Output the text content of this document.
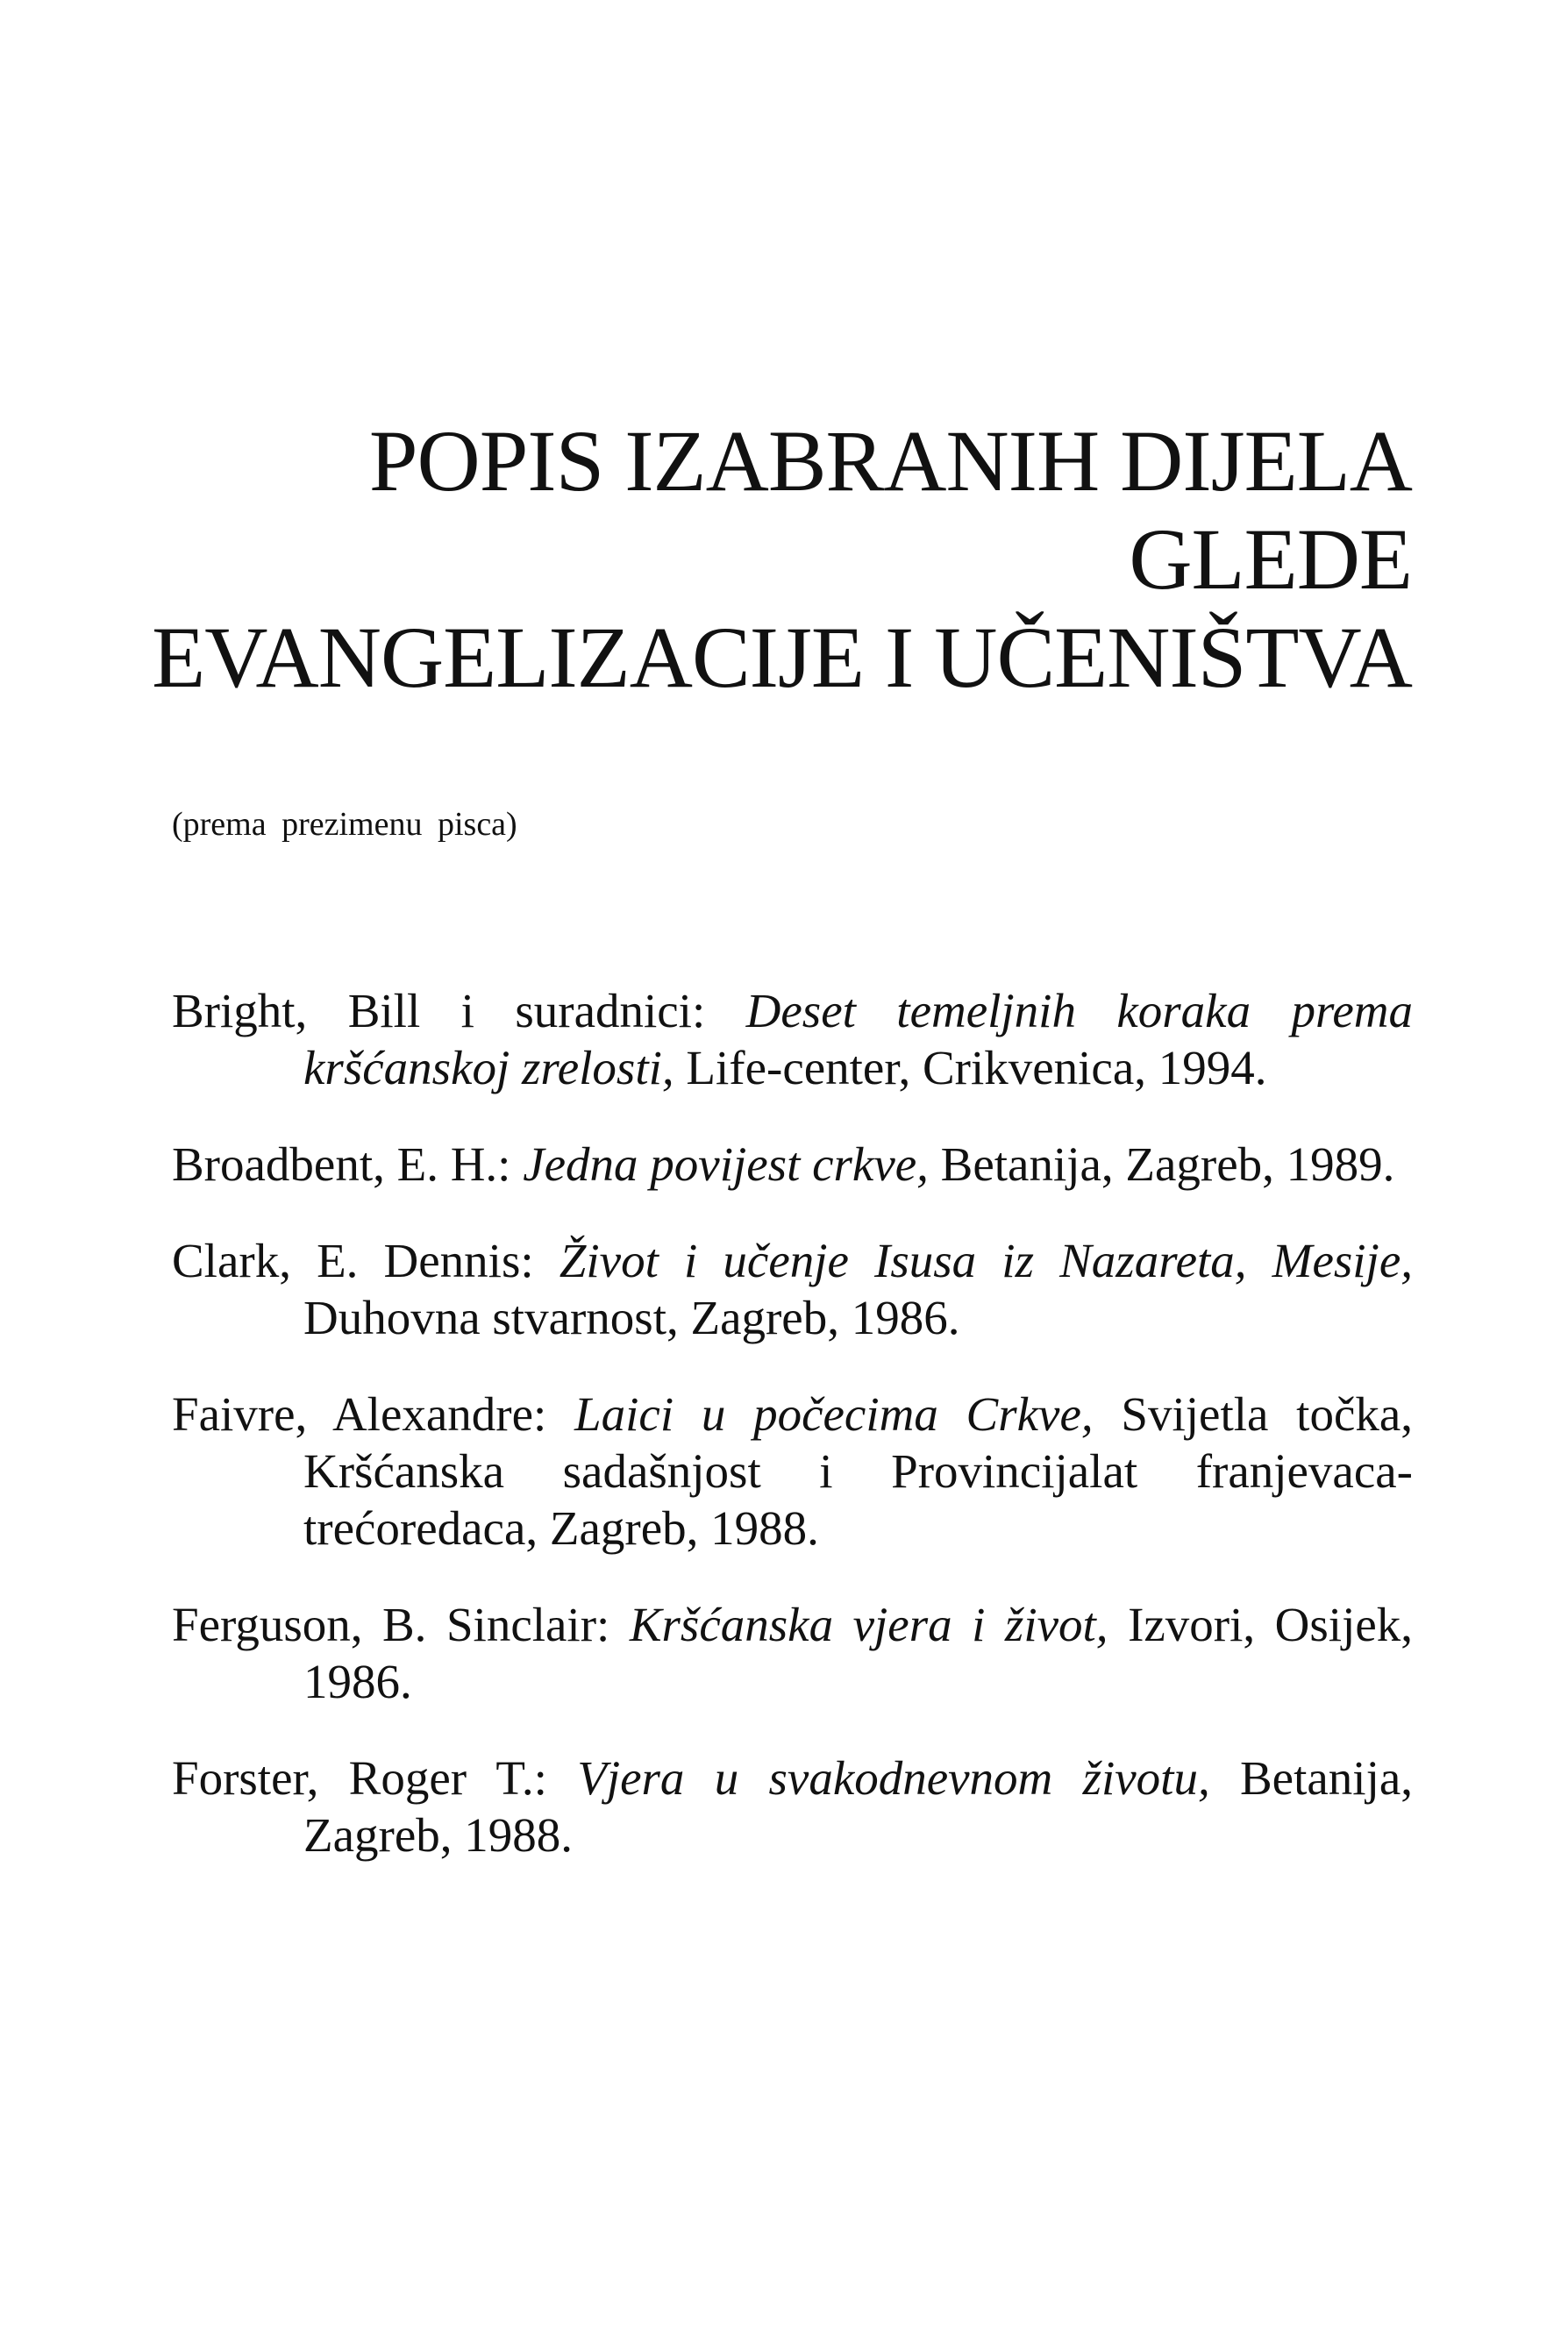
POPIS IZABRANIH DIJELA
GLEDE
EVANGELIZACIJE I UČENIŠTVA
(prema prezimenu pisca)

Bright, Bill i suradnici: Deset temeljnih koraka prema kršćanskoj zrelosti, Life-center, Crikvenica, 1994.

Broadbent, E. H.: Jedna povijest crkve, Betanija, Zagreb, 1989.

Clark, E. Dennis: Život i učenje Isusa iz Nazareta, Mesije, Duhovna stvarnost, Zagreb, 1986.

Faivre, Alexandre: Laici u počecima Crkve, Svijetla točka, Kršćanska sadašnjost i Provincijalat franjevaca-trećoredaca, Zagreb, 1988.

Ferguson, B. Sinclair: Kršćanska vjera i život, Izvori, Osijek, 1986.

Forster, Roger T.: Vjera u svakodnevnom životu, Betanija, Zagreb, 1988.
